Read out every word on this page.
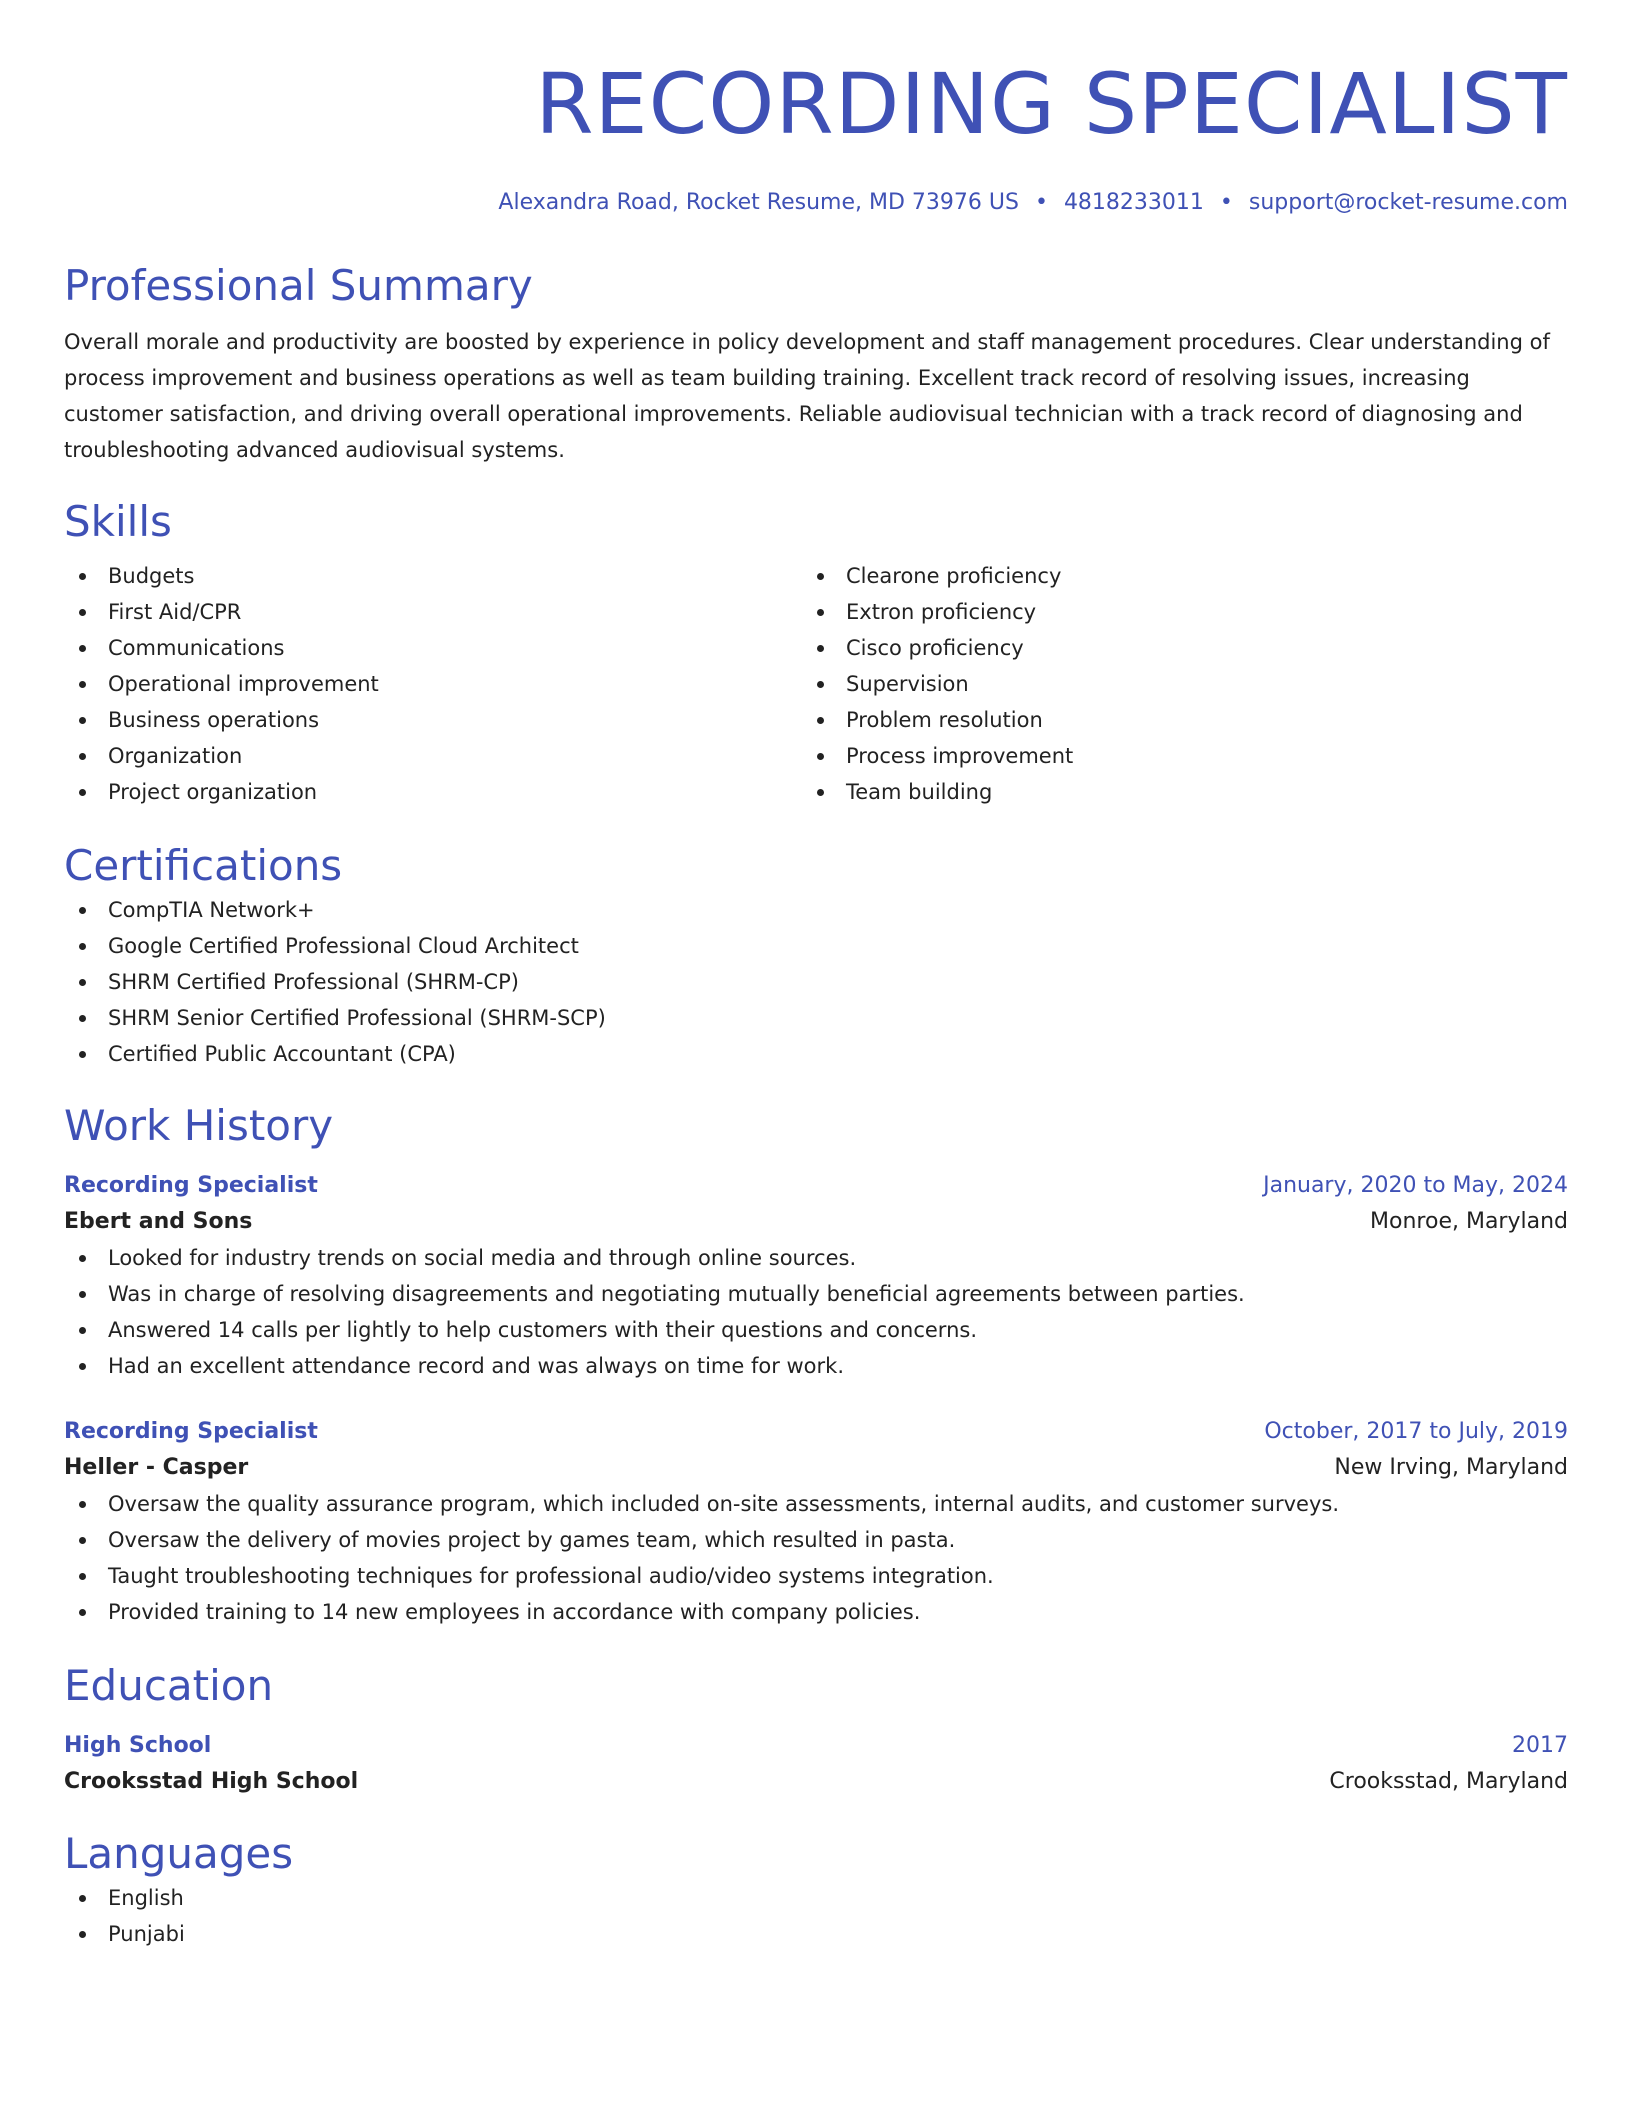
RECORDING SPECIALIST
Alexandra Road, Rocket Resume, MD 73976 US • 4818233011 • support@rocket-resume.com
Professional Summary
Overall morale and productivity are boosted by experience in policy development and staff management procedures. Clear understanding of process improvement and business operations as well as team building training. Excellent track record of resolving issues, increasing customer satisfaction, and driving overall operational improvements. Reliable audiovisual technician with a track record of diagnosing and troubleshooting advanced audiovisual systems.
Skills
Budgets
First Aid/CPR
Communications
Operational improvement
Business operations
Organization
Project organization
Clearone proficiency
Extron proficiency
Cisco proficiency
Supervision
Problem resolution
Process improvement
Team building
Certifications
CompTIA Network+
Google Certified Professional Cloud Architect
SHRM Certified Professional (SHRM-CP)
SHRM Senior Certified Professional (SHRM-SCP)
Certified Public Accountant (CPA)
Work History
Recording Specialist	January, 2020 to May, 2024
Ebert and Sons	Monroe, Maryland
Looked for industry trends on social media and through online sources.
Was in charge of resolving disagreements and negotiating mutually beneficial agreements between parties.
Answered 14 calls per lightly to help customers with their questions and concerns.
Had an excellent attendance record and was always on time for work.
Recording Specialist	October, 2017 to July, 2019
Heller - Casper	New Irving, Maryland
Oversaw the quality assurance program, which included on-site assessments, internal audits, and customer surveys.
Oversaw the delivery of movies project by games team, which resulted in pasta.
Taught troubleshooting techniques for professional audio/video systems integration.
Provided training to 14 new employees in accordance with company policies.
Education
High School	2017
Crooksstad High School	Crooksstad, Maryland
Languages
English
Punjabi
